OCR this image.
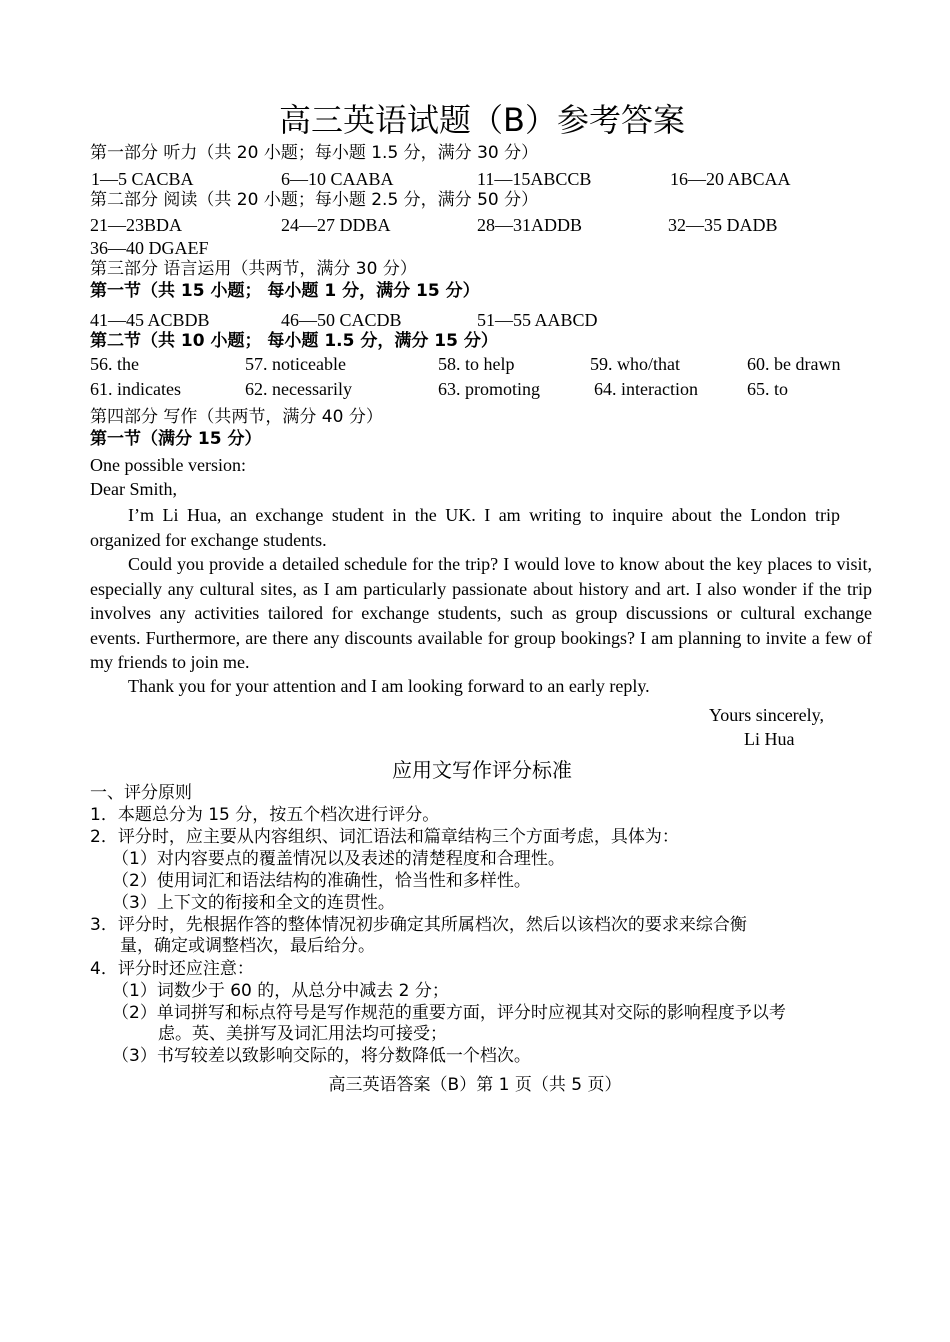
高三英语试题（B）参考答案
第一部分 听力（共 20 小题；每小题 1.5 分，满分 30 分）
1—5 CACBA	6—10 CAABA	11—15ABCCB	16—20 ABCAA
第二部分 阅读（共 20 小题；每小题 2.5 分，满分 50 分）
21—23BDA	24—27 DDBA	28—31ADDB	32—35 DADB
36—40 DGAEF
第三部分 语言运用（共两节，满分 30 分）
第一节（共 15 小题； 每小题 1 分，满分 15 分）
41—45 ACBDB	46—50 CACDB	51—55 AABCD
第二节（共 10 小题； 每小题 1.5 分，满分 15 分）
56. the	57. noticeable	58. to help	59. who/that	60. be drawn
61. indicates	62. necessarily	63. promoting	64. interaction	65. to
第四部分 写作（共两节，满分 40 分）
第一节（满分 15 分）
One possible version:
Dear Smith,
I’m Li Hua, an exchange student in the UK. I am writing to inquire about the London trip organized for exchange students.
Could you provide a detailed schedule for the trip? I would love to know about the key places to visit, especially any cultural sites, as I am particularly passionate about history and art. I also wonder if the trip involves any activities tailored for exchange students, such as group discussions or cultural exchange events. Furthermore, are there any discounts available for group bookings? I am planning to invite a few of my friends to join me.
Thank you for your attention and I am looking forward to an early reply.
Yours sincerely,
Li Hua
应用文写作评分标准
一、评分原则
1．本题总分为 15 分，按五个档次进行评分。
2．评分时，应主要从内容组织、词汇语法和篇章结构三个方面考虑，具体为：
（1）对内容要点的覆盖情况以及表述的清楚程度和合理性。
（2）使用词汇和语法结构的准确性，恰当性和多样性。
（3）上下文的衔接和全文的连贯性。
3．评分时，先根据作答的整体情况初步确定其所属档次，然后以该档次的要求来综合衡
量，确定或调整档次，最后给分。
4．评分时还应注意：
（1）词数少于 60 的，从总分中减去 2 分；
（2）单词拼写和标点符号是写作规范的重要方面，评分时应视其对交际的影响程度予以考
虑。英、美拼写及词汇用法均可接受；
（3）书写较差以致影响交际的，将分数降低一个档次。
高三英语答案（B）第 1 页（共 5 页）
